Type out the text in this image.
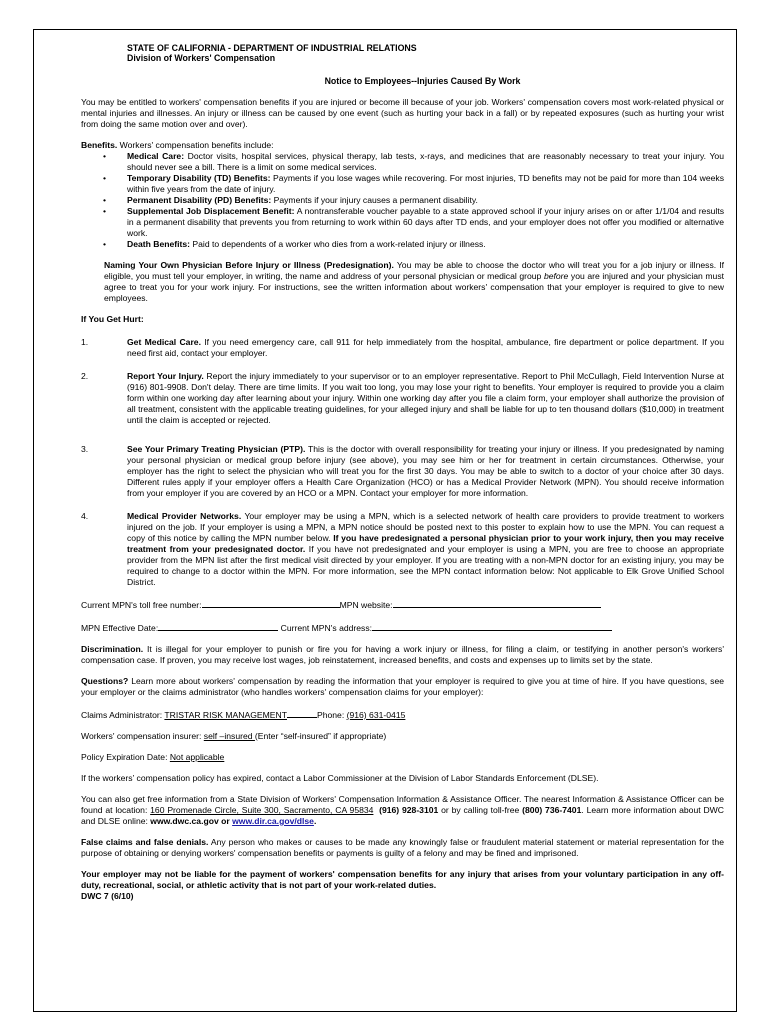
STATE OF CALIFORNIA - DEPARTMENT OF INDUSTRIAL RELATIONS
Division of Workers' Compensation
Notice to Employees--Injuries Caused By Work

You may be entitled to workers' compensation benefits if you are injured or become ill because of your job. Workers' compensation covers most work-related physical or mental injuries and illnesses. An injury or illness can be caused by one event (such as hurting your back in a fall) or by repeated exposures (such as hurting your wrist from doing the same motion over and over).

Benefits. Workers' compensation benefits include:

• Medical Care: Doctor visits, hospital services, physical therapy, lab tests, x-rays, and medicines that are reasonably necessary to treat your injury. You should never see a bill. There is a limit on some medical services.
• Temporary Disability (TD) Benefits: Payments if you lose wages while recovering. For most injuries, TD benefits may not be paid for more than 104 weeks within five years from the date of injury.
• Permanent Disability (PD) Benefits: Payments if your injury causes a permanent disability.
• Supplemental Job Displacement Benefit: A nontransferable voucher payable to a state approved school if your injury arises on or after 1/1/04 and results in a permanent disability that prevents you from returning to work within 60 days after TD ends, and your employer does not offer you modified or alternative work.
• Death Benefits: Paid to dependents of a worker who dies from a work-related injury or illness.

Naming Your Own Physician Before Injury or Illness (Predesignation). You may be able to choose the doctor who will treat you for a job injury or illness. If eligible, you must tell your employer, in writing, the name and address of your personal physician or medical group before you are injured and your physician must agree to treat you for your work injury. For instructions, see the written information about workers' compensation that your employer is required to give to new employees.

If You Get Hurt:

1.	Get Medical Care. If you need emergency care, call 911 for help immediately from the hospital, ambulance, fire department or police department. If you need first aid, contact your employer.
2.	Report Your Injury. Report the injury immediately to your supervisor or to an employer representative. Report to Phil McCullagh, Field Intervention Nurse at (916) 801-9908. Don't delay. There are time limits. If you wait too long, you may lose your right to benefits. Your employer is required to provide you a claim form within one working day after learning about your injury. Within one working day after you file a claim form, your employer shall authorize the provision of all treatment, consistent with the applicable treating guidelines, for your alleged injury and shall be liable for up to ten thousand dollars ($10,000) in treatment until the claim is accepted or rejected.
3.	See Your Primary Treating Physician (PTP). This is the doctor with overall responsibility for treating your injury or illness. If you predesignated by naming your personal physician or medical group before injury (see above), you may see him or her for treatment in certain circumstances. Otherwise, your employer has the right to select the physician who will treat you for the first 30 days. You may be able to switch to a doctor of your choice after 30 days. Different rules apply if your employer offers a Health Care Organization (HCO) or has a Medical Provider Network (MPN). You should receive information from your employer if you are covered by an HCO or a MPN. Contact your employer for more information.
4.	Medical Provider Networks. Your employer may be using a MPN, which is a selected network of health care providers to provide treatment to workers injured on the job. If your employer is using a MPN, a MPN notice should be posted next to this poster to explain how to use the MPN. You can request a copy of this notice by calling the MPN number below. If you have predesignated a personal physician prior to your work injury, then you may receive treatment from your predesignated doctor. If you have not predesignated and your employer is using a MPN, you are free to choose an appropriate provider from the MPN list after the first medical visit directed by your employer. If you are treating with a non-MPN doctor for an existing injury, you may be required to change to a doctor within the MPN. For more information, see the MPN contact information below: Not applicable to Elk Grove Unified School District.

Current MPN's toll free number:	MPN website:

MPN Effective Date:	Current MPN's address:

Discrimination. It is illegal for your employer to punish or fire you for having a work injury or illness, for filing a claim, or testifying in another person's workers' compensation case. If proven, you may receive lost wages, job reinstatement, increased benefits, and costs and expenses up to limits set by the state.

Questions? Learn more about workers' compensation by reading the information that your employer is required to give you at time of hire. If you have questions, see your employer or the claims administrator (who handles workers' compensation claims for your employer):

Claims Administrator: TRISTAR RISK MANAGEMENT	Phone: (916) 631-0415

Workers' compensation insurer: self –insured (Enter “self-insured” if appropriate)

Policy Expiration Date: Not applicable

If the workers’ compensation policy has expired, contact a Labor Commissioner at the Division of Labor Standards Enforcement (DLSE).

You can also get free information from a State Division of Workers' Compensation Information & Assistance Officer. The nearest Information & Assistance Officer can be found at location: 160 Promenade Circle, Suite 300, Sacramento, CA 95834 (916) 928-3101 or by calling toll-free (800) 736-7401. Learn more information about DWC and DLSE online: www.dwc.ca.gov or www.dir.ca.gov/dlse.

False claims and false denials. Any person who makes or causes to be made any knowingly false or fraudulent material statement or material representation for the purpose of obtaining or denying workers' compensation benefits or payments is guilty of a felony and may be fined and imprisoned.

Your employer may not be liable for the payment of workers' compensation benefits for any injury that arises from your voluntary participation in any off-duty, recreational, social, or athletic activity that is not part of your work-related duties.

DWC 7 (6/10)
